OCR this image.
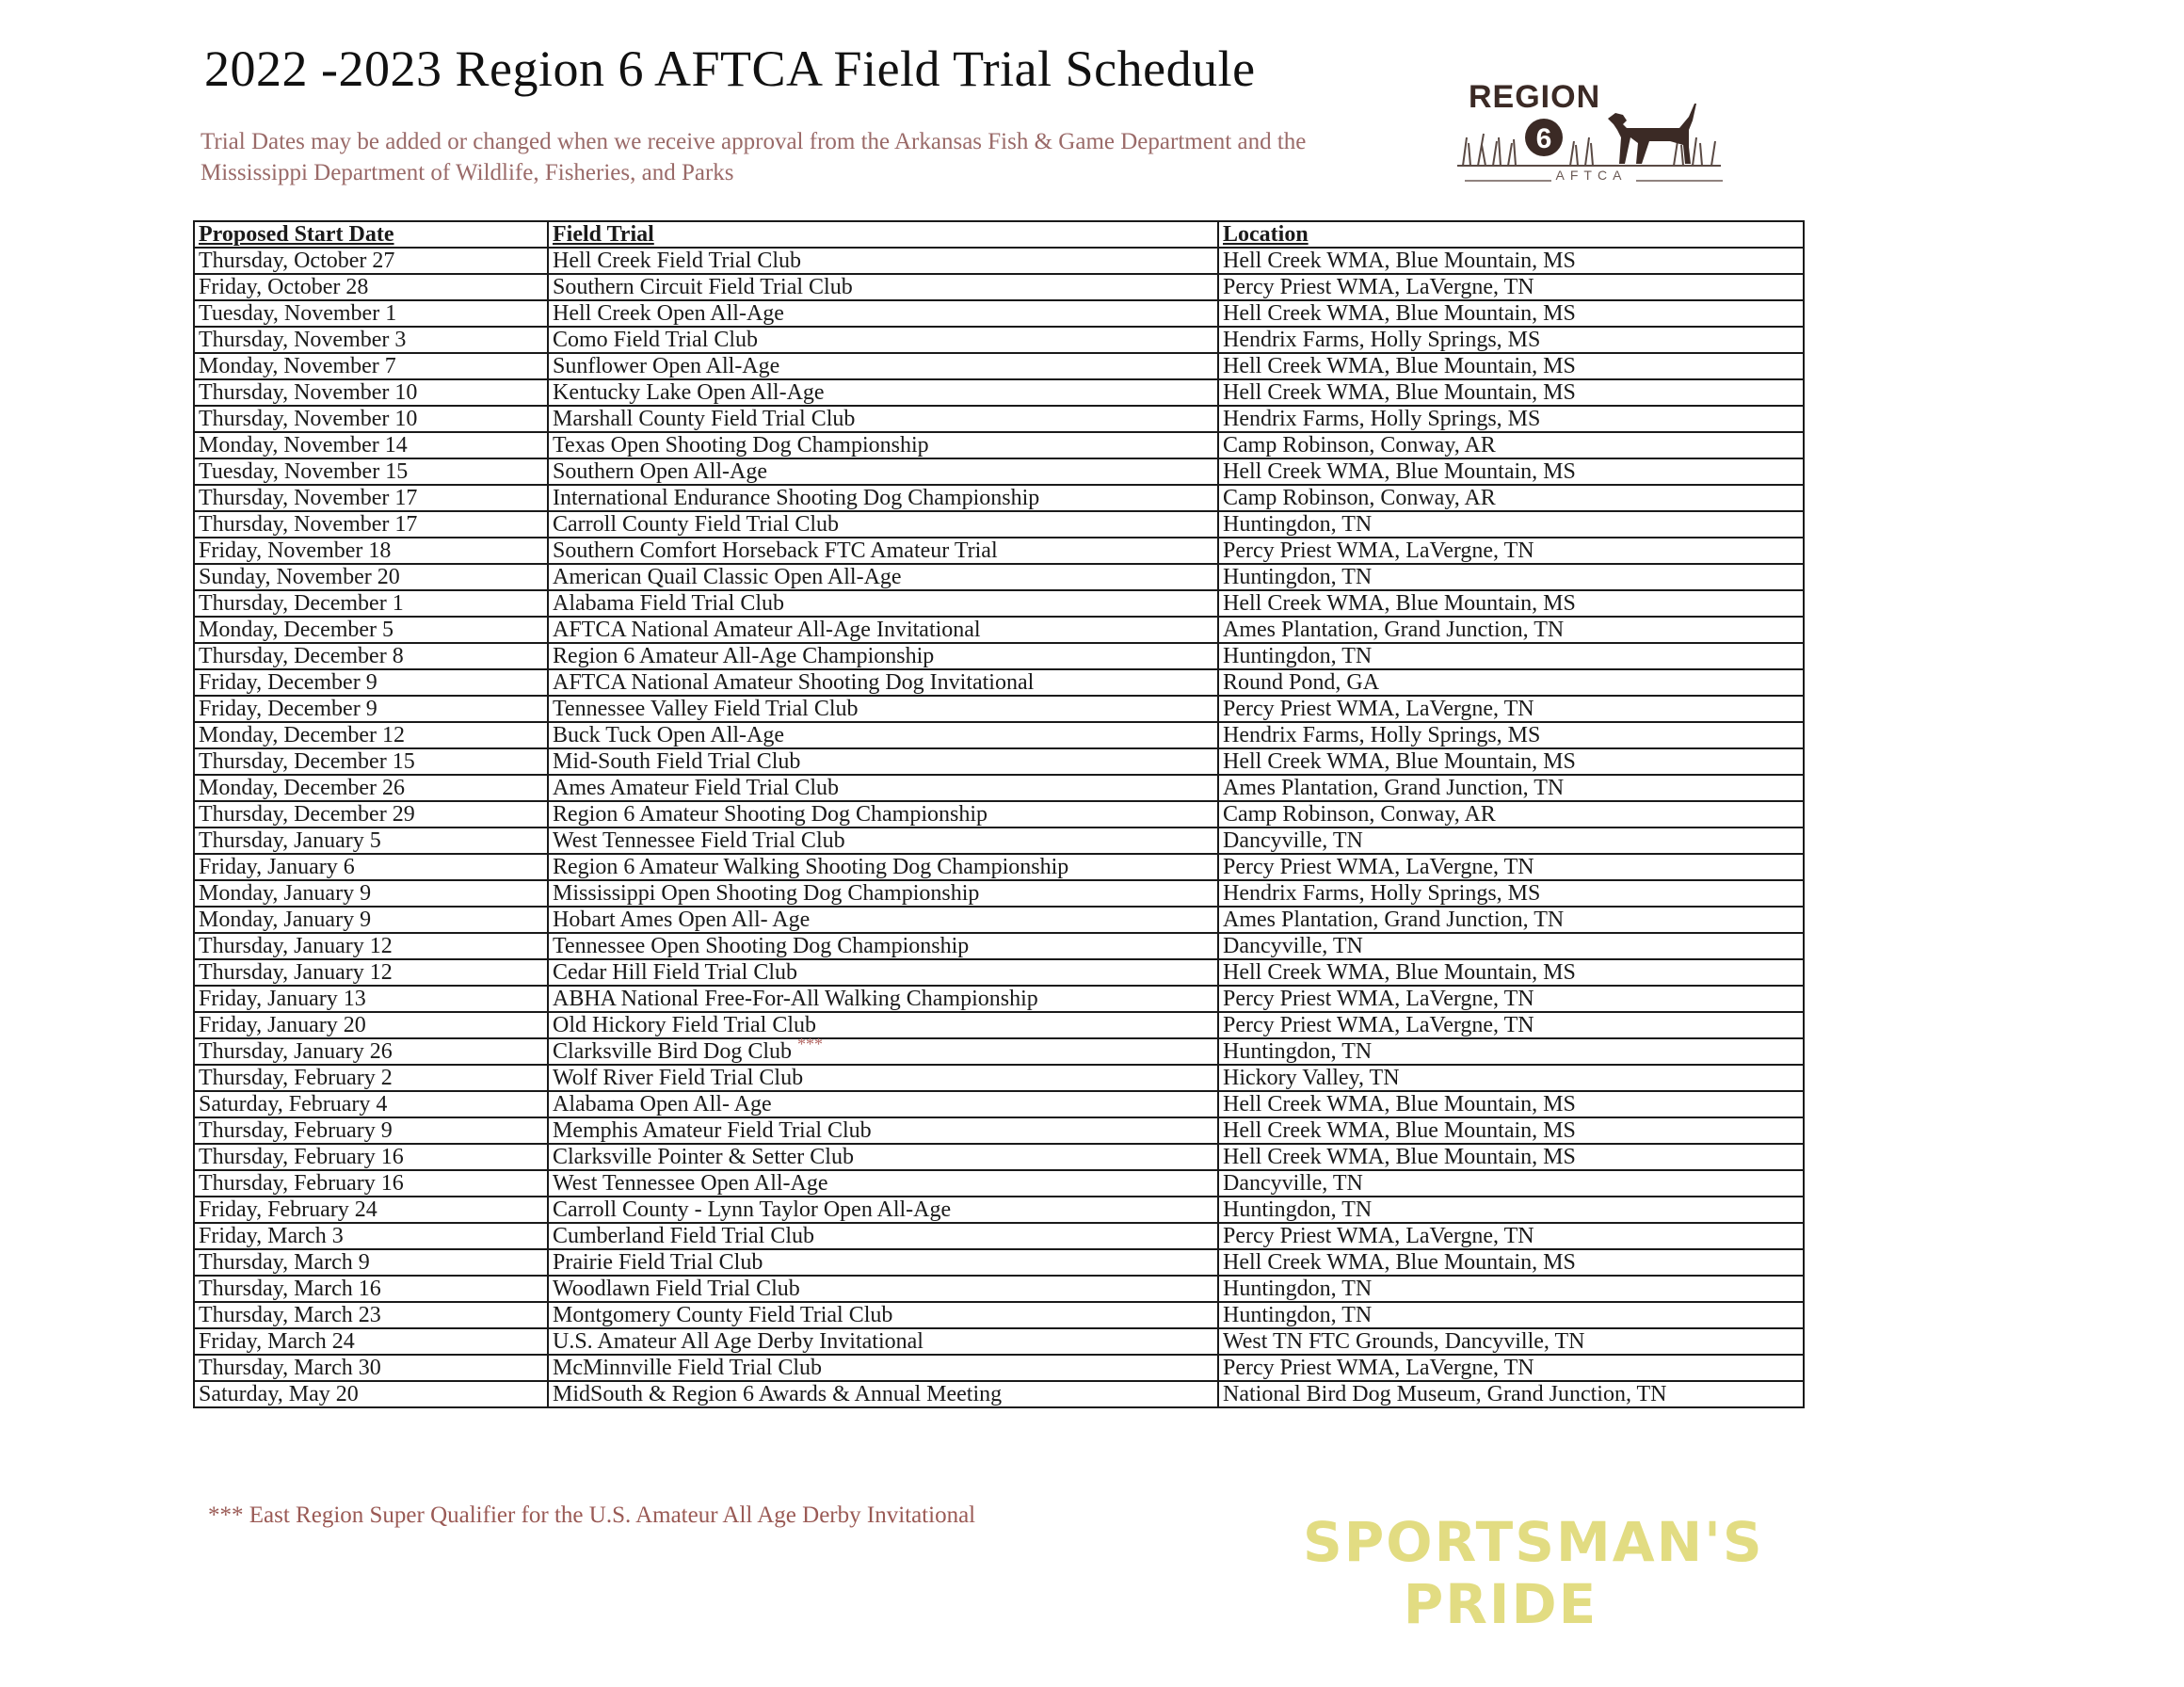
2022 -2023 Region 6 AFTCA Field Trial Schedule
Trial Dates may be added or changed when we receive approval from the Arkansas Fish & Game Department and the Mississippi Department of Wildlife, Fisheries, and Parks
REGION
6
AFTCA
Proposed Start Date	Field Trial	Location
Thursday, October 27	Hell Creek Field Trial Club	Hell Creek WMA, Blue Mountain, MS
Friday, October 28	Southern Circuit Field Trial Club	Percy Priest WMA, LaVergne, TN
Tuesday, November 1	Hell Creek Open All-Age	Hell Creek WMA, Blue Mountain, MS
Thursday, November 3	Como Field Trial Club	Hendrix Farms, Holly Springs, MS
Monday, November 7	Sunflower Open All-Age	Hell Creek WMA, Blue Mountain, MS
Thursday, November 10	Kentucky Lake Open All-Age	Hell Creek WMA, Blue Mountain, MS
Thursday, November 10	Marshall County Field Trial Club	Hendrix Farms, Holly Springs, MS
Monday, November 14	Texas Open Shooting Dog Championship	Camp Robinson, Conway, AR
Tuesday, November 15	Southern Open All-Age	Hell Creek WMA, Blue Mountain, MS
Thursday, November 17	International Endurance Shooting Dog Championship	Camp Robinson, Conway, AR
Thursday, November 17	Carroll County Field Trial Club	Huntingdon, TN
Friday, November 18	Southern Comfort Horseback FTC Amateur Trial	Percy Priest WMA, LaVergne, TN
Sunday, November 20	American Quail Classic Open All-Age	Huntingdon, TN
Thursday, December 1	Alabama Field Trial Club	Hell Creek WMA, Blue Mountain, MS
Monday, December 5	AFTCA National Amateur All-Age Invitational	Ames Plantation, Grand Junction, TN
Thursday, December 8	Region 6 Amateur All-Age Championship	Huntingdon, TN
Friday, December 9	AFTCA National Amateur Shooting Dog Invitational	Round Pond, GA
Friday, December 9	Tennessee Valley Field Trial Club	Percy Priest WMA, LaVergne, TN
Monday, December 12	Buck Tuck Open All-Age	Hendrix Farms, Holly Springs, MS
Thursday, December 15	Mid-South Field Trial Club	Hell Creek WMA, Blue Mountain, MS
Monday, December 26	Ames Amateur Field Trial Club	Ames Plantation, Grand Junction, TN
Thursday, December 29	Region 6 Amateur Shooting Dog Championship	Camp Robinson, Conway, AR
Thursday, January 5	West Tennessee Field Trial Club	Dancyville, TN
Friday, January 6	Region 6 Amateur Walking Shooting Dog Championship	Percy Priest WMA, LaVergne, TN
Monday, January 9	Mississippi Open Shooting Dog Championship	Hendrix Farms, Holly Springs, MS
Monday, January 9	Hobart Ames Open All- Age	Ames Plantation, Grand Junction, TN
Thursday, January 12	Tennessee Open Shooting Dog Championship	Dancyville, TN
Thursday, January 12	Cedar Hill Field Trial Club	Hell Creek WMA, Blue Mountain, MS
Friday, January 13	ABHA National Free-For-All Walking Championship	Percy Priest WMA, LaVergne, TN
Friday, January 20	Old Hickory Field Trial Club	Percy Priest WMA, LaVergne, TN
Thursday, January 26	Clarksville Bird Dog Club ***	Huntingdon, TN
Thursday, February 2	Wolf River Field Trial Club	Hickory Valley, TN
Saturday, February 4	Alabama Open All- Age	Hell Creek WMA, Blue Mountain, MS
Thursday, February 9	Memphis Amateur Field Trial Club	Hell Creek WMA, Blue Mountain, MS
Thursday, February 16	Clarksville Pointer & Setter Club	Hell Creek WMA, Blue Mountain, MS
Thursday, February 16	West Tennessee Open All-Age	Dancyville, TN
Friday, February 24	Carroll County - Lynn Taylor Open All-Age	Huntingdon, TN
Friday, March 3	Cumberland Field Trial Club	Percy Priest WMA, LaVergne, TN
Thursday, March 9	Prairie Field Trial Club	Hell Creek WMA, Blue Mountain, MS
Thursday, March 16	Woodlawn Field Trial Club	Huntingdon, TN
Thursday, March 23	Montgomery County Field Trial Club	Huntingdon, TN
Friday, March 24	U.S. Amateur All Age Derby Invitational	West TN FTC Grounds, Dancyville, TN
Thursday, March 30	McMinnville Field Trial Club	Percy Priest WMA, LaVergne, TN
Saturday, May 20	MidSouth & Region 6 Awards & Annual Meeting	National Bird Dog Museum, Grand Junction, TN
*** East Region Super Qualifier for the U.S. Amateur All Age Derby Invitational	SPORTSMAN'S
PRIDE
